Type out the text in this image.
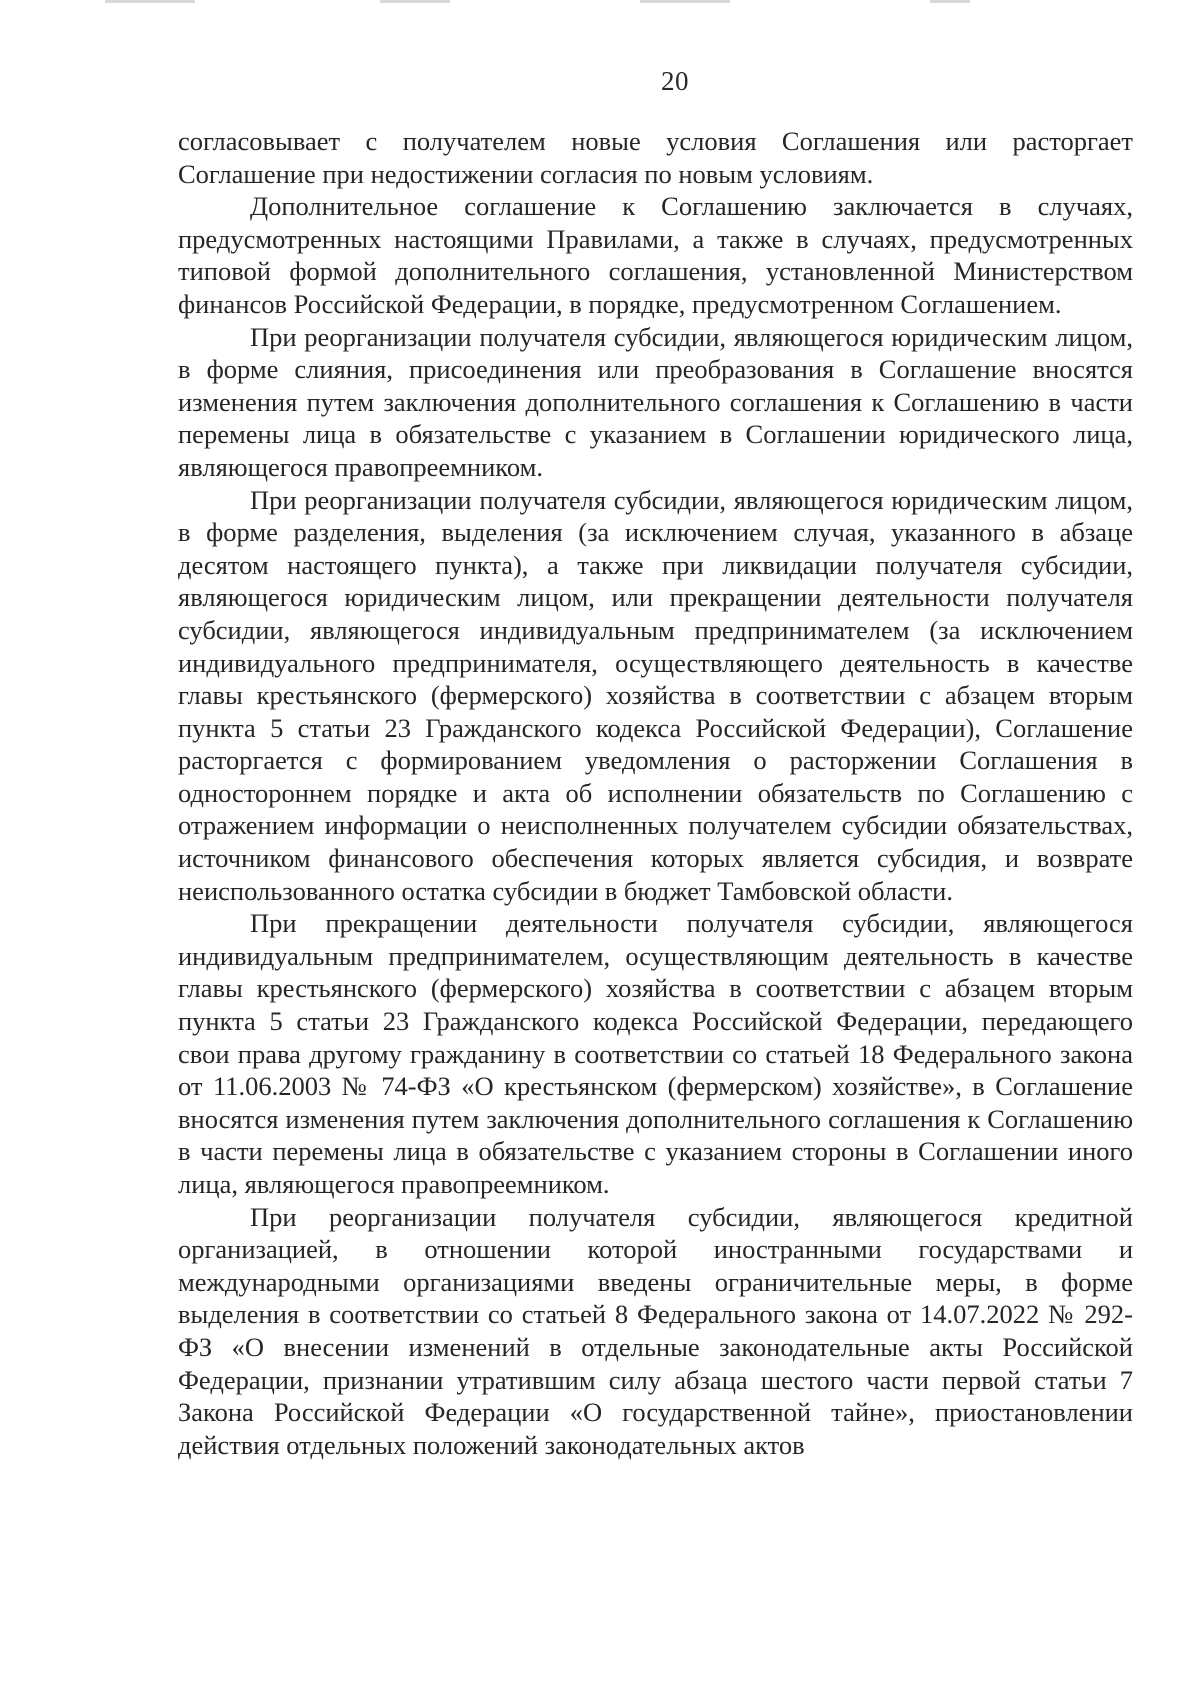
20

согласовывает с получателем новые условия Соглашения или расторгает Соглашение при недостижении согласия по новым условиям.

Дополнительное соглашение к Соглашению заключается в случаях, предусмотренных настоящими Правилами, а также в случаях, предусмотренных типовой формой дополнительного соглашения, установленной Министерством финансов Российской Федерации, в порядке, предусмотренном Соглашением.

При реорганизации получателя субсидии, являющегося юридическим лицом, в форме слияния, присоединения или преобразования в Соглашение вносятся изменения путем заключения дополнительного соглашения к Соглашению в части перемены лица в обязательстве с указанием в Соглашении юридического лица, являющегося правопреемником.

При реорганизации получателя субсидии, являющегося юридическим лицом, в форме разделения, выделения (за исключением случая, указанного в абзаце десятом настоящего пункта), а также при ликвидации получателя субсидии, являющегося юридическим лицом, или прекращении деятельности получателя субсидии, являющегося индивидуальным предпринимателем (за исключением индивидуального предпринимателя, осуществляющего деятельность в качестве главы крестьянского (фермерского) хозяйства в соответствии с абзацем вторым пункта 5 статьи 23 Гражданского кодекса Российской Федерации), Соглашение расторгается с формированием уведомления о расторжении Соглашения в одностороннем порядке и акта об исполнении обязательств по Соглашению с отражением информации о неисполненных получателем субсидии обязательствах, источником финансового обеспечения которых является субсидия, и возврате неиспользованного остатка субсидии в бюджет Тамбовской области.

При прекращении деятельности получателя субсидии, являющегося индивидуальным предпринимателем, осуществляющим деятельность в качестве главы крестьянского (фермерского) хозяйства в соответствии с абзацем вторым пункта 5 статьи 23 Гражданского кодекса Российской Федерации, передающего свои права другому гражданину в соответствии со статьей 18 Федерального закона от 11.06.2003 № 74-ФЗ «О крестьянском (фермерском) хозяйстве», в Соглашение вносятся изменения путем заключения дополнительного соглашения к Соглашению в части перемены лица в обязательстве с указанием стороны в Соглашении иного лица, являющегося правопреемником.

При реорганизации получателя субсидии, являющегося кредитной организацией, в отношении которой иностранными государствами и международными организациями введены ограничительные меры, в форме выделения в соответствии со статьей 8 Федерального закона от 14.07.2022 № 292-ФЗ «О внесении изменений в отдельные законодательные акты Российской Федерации, признании утратившим силу абзаца шестого части первой статьи 7 Закона Российской Федерации «О государственной тайне», приостановлении действия отдельных положений законодательных актов
